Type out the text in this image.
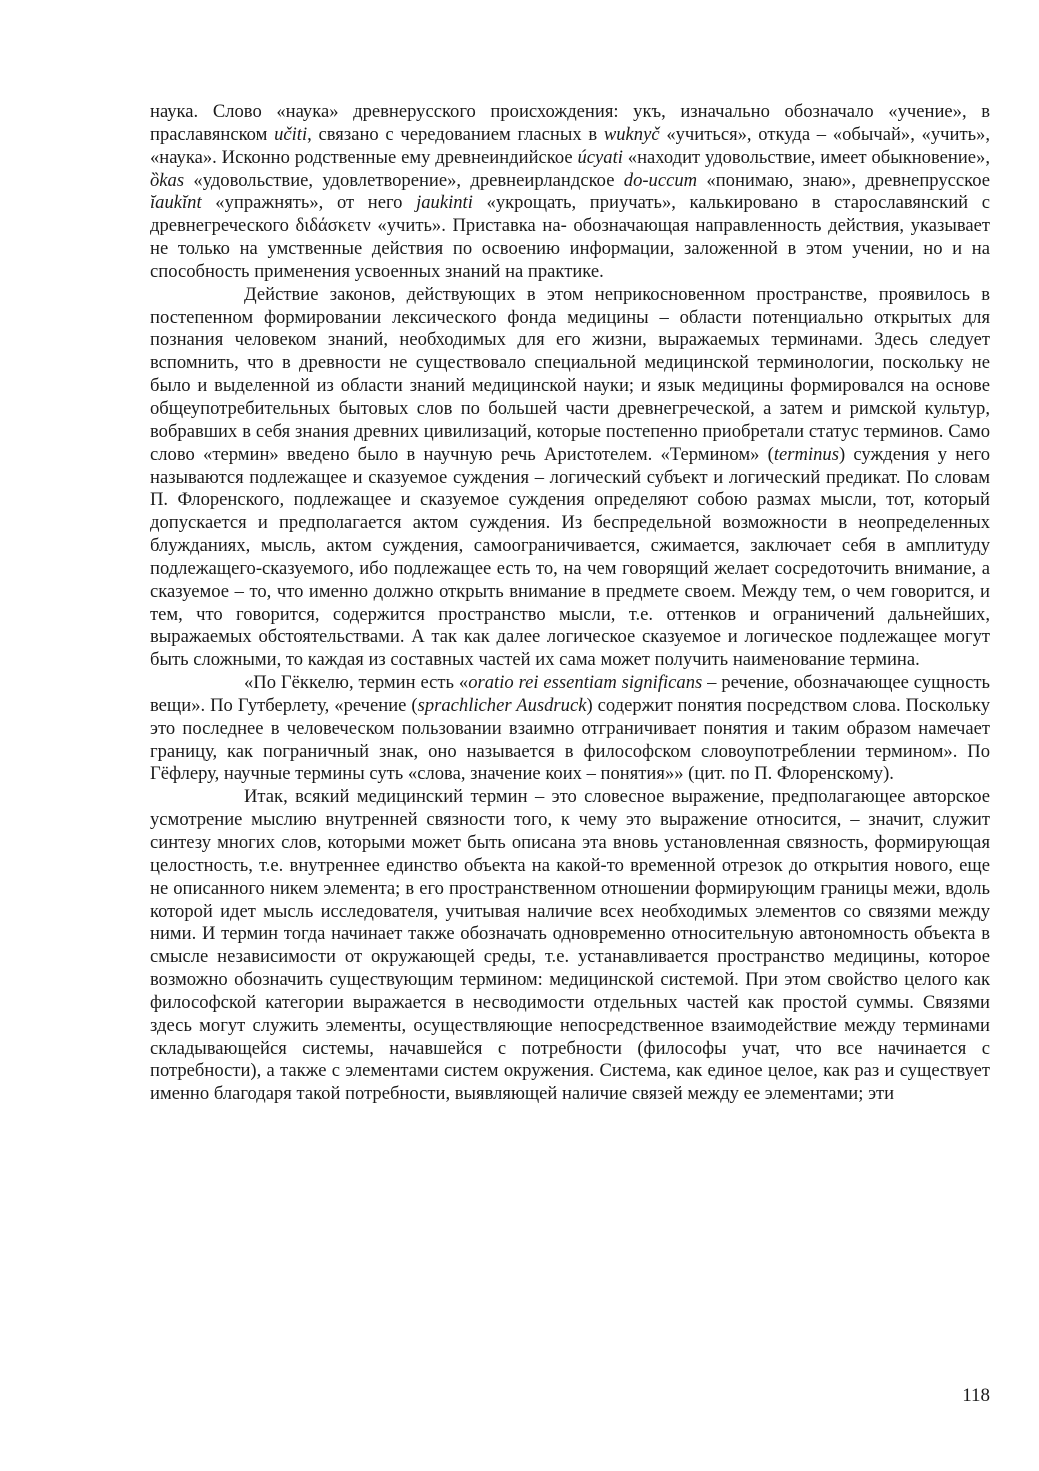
наука. Слово «наука» древнерусского происхождения: укъ, изначально обозначало «учение», в праславянском učiti, связано с чередованием гласных в wuknyč «учиться», откуда – «обычай», «учить», «наука». Исконно родственные ему древнеиндийское úcyati «находит удовольствие, имеет обыкновение», ȍkas «удовольствие, удовлетворение», древнеирландское do-иссит «понимаю, знаю», древнепрусское ĭaukĭnt «упражнять», от него jaukinti «укрощать, приучать», калькировано в старославянский с древнегреческого διδάσκετν «учить». Приставка на- обозначающая направленность действия, указывает не только на умственные действия по освоению информации, заложенной в этом учении, но и на способность применения усвоенных знаний на практике.

Действие законов, действующих в этом неприкосновенном пространстве, проявилось в постепенном формировании лексического фонда медицины – области потенциально открытых для познания человеком знаний, необходимых для его жизни, выражаемых терминами. Здесь следует вспомнить, что в древности не существовало специальной медицинской терминологии, поскольку не было и выделенной из области знаний медицинской науки; и язык медицины формировался на основе общеупотребительных бытовых слов по большей части древнегреческой, а затем и римской культур, вобравших в себя знания древних цивилизаций, которые постепенно приобретали статус терминов. Само слово «термин» введено было в научную речь Аристотелем. «Термином» (terminus) суждения у него называются подлежащее и сказуемое суждения – логический субъект и логический предикат. По словам П. Флоренского, подлежащее и сказуемое суждения определяют собою размах мысли, тот, который допускается и предполагается актом суждения. Из беспредельной возможности в неопределенных блужданиях, мысль, актом суждения, самоограничивается, сжимается, заключает себя в амплитуду подлежащего-сказуемого, ибо подлежащее есть то, на чем говорящий желает сосредоточить внимание, а сказуемое – то, что именно должно открыть внимание в предмете своем. Между тем, о чем говорится, и тем, что говорится, содержится пространство мысли, т.е. оттенков и ограничений дальнейших, выражаемых обстоятельствами. А так как далее логическое сказуемое и логическое подлежащее могут быть сложными, то каждая из составных частей их сама может получить наименование термина.

«По Гёккелю, термин есть «oratio rei essentiam significans – речение, обозначающее сущность вещи». По Гутберлету, «речение (sprachlicher Ausdruck) содержит понятия посредством слова. Поскольку это последнее в человеческом пользовании взаимно отграничивает понятия и таким образом намечает границу, как пограничный знак, оно называется в философском словоупотреблении термином». По Гёфлеру, научные термины суть «слова, значение коих – понятия»» (цит. по П. Флоренскому).

Итак, всякий медицинский термин – это словесное выражение, предполагающее авторское усмотрение мыслию внутренней связности того, к чему это выражение относится, – значит, служит синтезу многих слов, которыми может быть описана эта вновь установленная связность, формирующая целостность, т.е. внутреннее единство объекта на какой-то временной отрезок до открытия нового, еще не описанного никем элемента; в его пространственном отношении формирующим границы межи, вдоль которой идет мысль исследователя, учитывая наличие всех необходимых элементов со связями между ними. И термин тогда начинает также обозначать одновременно относительную автономность объекта в смысле независимости от окружающей среды, т.е. устанавливается пространство медицины, которое возможно обозначить существующим термином: медицинской системой. При этом свойство целого как философской категории выражается в несводимости отдельных частей как простой суммы. Связями здесь могут служить элементы, осуществляющие непосредственное взаимодействие между терминами складывающейся системы, начавшейся с потребности (философы учат, что все начинается с потребности), а также с элементами систем окружения. Система, как единое целое, как раз и существует именно благодаря такой потребности, выявляющей наличие связей между ее элементами; эти

118
